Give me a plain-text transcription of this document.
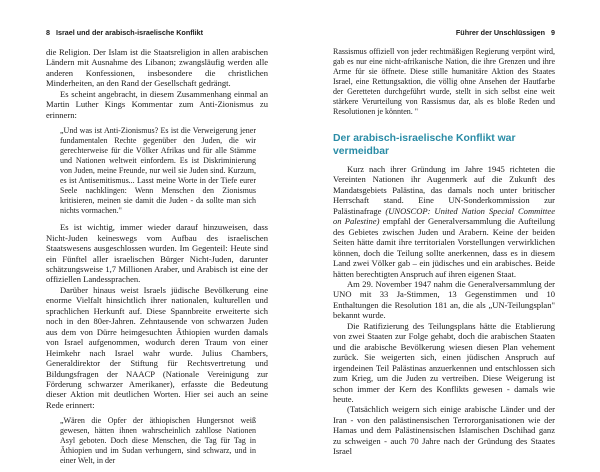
8 Israel und der arabisch-israelische Konflikt

die Religion. Der Islam ist die Staatsreligion in allen arabischen Ländern mit Ausnahme des Libanon; zwangsläufig werden alle anderen Konfessionen, insbesondere die christlichen Minderheiten, an den Rand der Gesellschaft gedrängt.

Es scheint angebracht, in diesem Zusammenhang einmal an Martin Luther Kings Kommentar zum Anti-Zionismus zu erinnern:

„Und was ist Anti-Zionismus? Es ist die Verweigerung jener fundamentalen Rechte gegenüber den Juden, die wir gerechterweise für die Völker Afrikas und für alle Stämme und Nationen weltweit einfordern. Es ist Diskriminierung von Juden, meine Freunde, nur weil sie Juden sind. Kurzum, es ist Antisemitismus... Lasst meine Worte in der Tiefe eurer Seele nachklingen: Wenn Menschen den Zionismus kritisieren, meinen sie damit die Juden - da sollte man sich nichts vormachen."

Es ist wichtig, immer wieder darauf hinzuweisen, dass Nicht-Juden keineswegs vom Aufbau des israelischen Staatswesens ausgeschlossen wurden. Im Gegenteil: Heute sind ein Fünftel aller israelischen Bürger Nicht-Juden, darunter schätzungsweise 1,7 Millionen Araber, und Arabisch ist eine der offiziellen Landessprachen.

Darüber hinaus weist Israels jüdische Bevölkerung eine enorme Vielfalt hinsichtlich ihrer nationalen, kulturellen und sprachlichen Herkunft auf. Diese Spannbreite erweiterte sich noch in den 80er-Jahren. Zehntausende von schwarzen Juden aus dem von Dürre heimgesuchten Äthiopien wurden damals von Israel aufgenommen, wodurch deren Traum von einer Heimkehr nach Israel wahr wurde. Julius Chambers, Generaldirektor der Stiftung für Rechtsvertretung und Bildungsfragen der NAACP (Nationale Vereinigung zur Förderung schwarzer Amerikaner), erfasste die Bedeutung dieser Aktion mit deutlichen Worten. Hier sei auch an seine Rede erinnert:

„Wären die Opfer der äthiopischen Hungersnot weiß gewesen, hätten ihnen wahrscheinlich zahllose Nationen Asyl geboten. Doch diese Menschen, die Tag für Tag in Äthiopien und im Sudan verhungern, sind schwarz, und in einer Welt, in der
Führer der Unschlüssigen 9
Rassismus offiziell von jeder rechtmäßigen Regierung verpönt wird, gab es nur eine nicht-afrikanische Nation, die ihre Grenzen und ihre Arme für sie öffnete. Diese stille humanitäre Aktion des Staates Israel, eine Rettungsaktion, die völlig ohne Ansehen der Hautfarbe der Geretteten durchgeführt wurde, stellt in sich selbst eine weit stärkere Verurteilung von Rassismus dar, als es bloße Reden und Resolutionen je könnten. "
Der arabisch-israelische Konflikt war vermeidbar

Kurz nach ihrer Gründung im Jahre 1945 richteten die Vereinten Nationen ihr Augenmerk auf die Zukunft des Mandatsgebiets Palästina, das damals noch unter britischer Herrschaft stand. Eine UN-Sonderkommission zur Palästinafrage (UNOSCOP: United Nation Special Committee on Palestine) empfahl der Generalversammlung die Aufteilung des Gebietes zwischen Juden und Arabern. Keine der beiden Seiten hätte damit ihre territorialen Vorstellungen verwirklichen können, doch die Teilung sollte anerkennen, dass es in diesem Land zwei Völker gab – ein jüdisches und ein arabisches. Beide hätten berechtigten Anspruch auf ihren eigenen Staat.

Am 29. November 1947 nahm die Generalversammlung der UNO mit 33 Ja-Stimmen, 13 Gegenstimmen und 10 Enthaltungen die Resolution 181 an, die als „UN-Teilungsplan" bekannt wurde.

Die Ratifizierung des Teilungsplans hätte die Etablierung von zwei Staaten zur Folge gehabt, doch die arabischen Staaten und die arabische Bevölkerung wiesen diesen Plan vehement zurück. Sie weigerten sich, einen jüdischen Anspruch auf irgendeinen Teil Palästinas anzuerkennen und entschlossen sich zum Krieg, um die Juden zu vertreiben. Diese Weigerung ist schon immer der Kern des Konflikts gewesen - damals wie heute.

(Tatsächlich weigern sich einige arabische Länder und der Iran - von den palästinensischen Terrororganisationen wie der Hamas und dem Palästinensischen Islamischen Dschihad ganz zu schweigen - auch 70 Jahre nach der Gründung des Staates Israel
